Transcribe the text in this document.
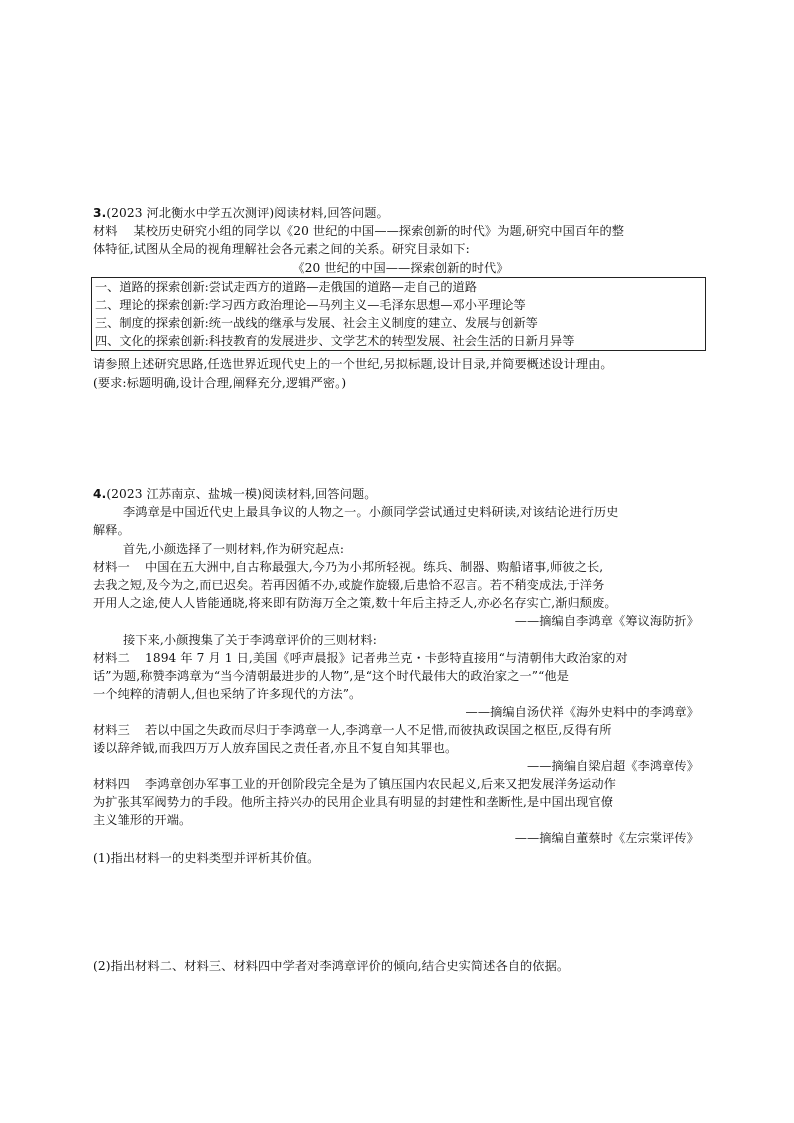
3.(2023 河北衡水中学五次测评)阅读材料,回答问题。
材料 某校历史研究小组的同学以《20 世纪的中国——探索创新的时代》为题,研究中国百年的整
体特征,试图从全局的视角理解社会各元素之间的关系。研究目录如下:
《20 世纪的中国——探索创新的时代》
一、道路的探索创新:尝试走西方的道路—走俄国的道路—走自己的道路
二、理论的探索创新:学习西方政治理论—马列主义—毛泽东思想—邓小平理论等
三、制度的探索创新:统一战线的继承与发展、社会主义制度的建立、发展与创新等
四、文化的探索创新:科技教育的发展进步、文学艺术的转型发展、社会生活的日新月异等
请参照上述研究思路,任选世界近现代史上的一个世纪,另拟标题,设计目录,并简要概述设计理由。
(要求:标题明确,设计合理,阐释充分,逻辑严密。)
4.(2023 江苏南京、盐城一模)阅读材料,回答问题。
李鸿章是中国近代史上最具争议的人物之一。小颜同学尝试通过史料研读,对该结论进行历史
解释。
首先,小颜选择了一则材料,作为研究起点:
材料一 中国在五大洲中,自古称最强大,今乃为小邦所轻视。练兵、制器、购船诸事,师彼之长,
去我之短,及今为之,而已迟矣。若再因循不办,或旋作旋辍,后患恰不忍言。若不稍变成法,于洋务
开用人之途,使人人皆能通晓,将来即有防海万全之策,数十年后主持乏人,亦必名存实亡,渐归颓废。
——摘编自李鸿章《筹议海防折》
接下来,小颜搜集了关于李鸿章评价的三则材料:
材料二 1894 年 7 月 1 日,美国《呼声晨报》记者弗兰克・卡彭特直接用“与清朝伟大政治家的对
话”为题,称赞李鸿章为“当今清朝最进步的人物”,是“这个时代最伟大的政治家之一”“他是
一个纯粹的清朝人,但也采纳了许多现代的方法”。
——摘编自汤伏祥《海外史料中的李鸿章》
材料三 若以中国之失政而尽归于李鸿章一人,李鸿章一人不足惜,而彼执政误国之枢臣,反得有所
诿以辞斧钺,而我四万万人放弃国民之责任者,亦且不复自知其罪也。
——摘编自梁启超《李鸿章传》
材料四 李鸿章创办军事工业的开创阶段完全是为了镇压国内农民起义,后来又把发展洋务运动作
为扩张其军阀势力的手段。他所主持兴办的民用企业具有明显的封建性和垄断性,是中国出现官僚
主义雏形的开端。
——摘编自董蔡时《左宗棠评传》
(1)指出材料一的史料类型并评析其价值。
(2)指出材料二、材料三、材料四中学者对李鸿章评价的倾向,结合史实简述各自的依据。
